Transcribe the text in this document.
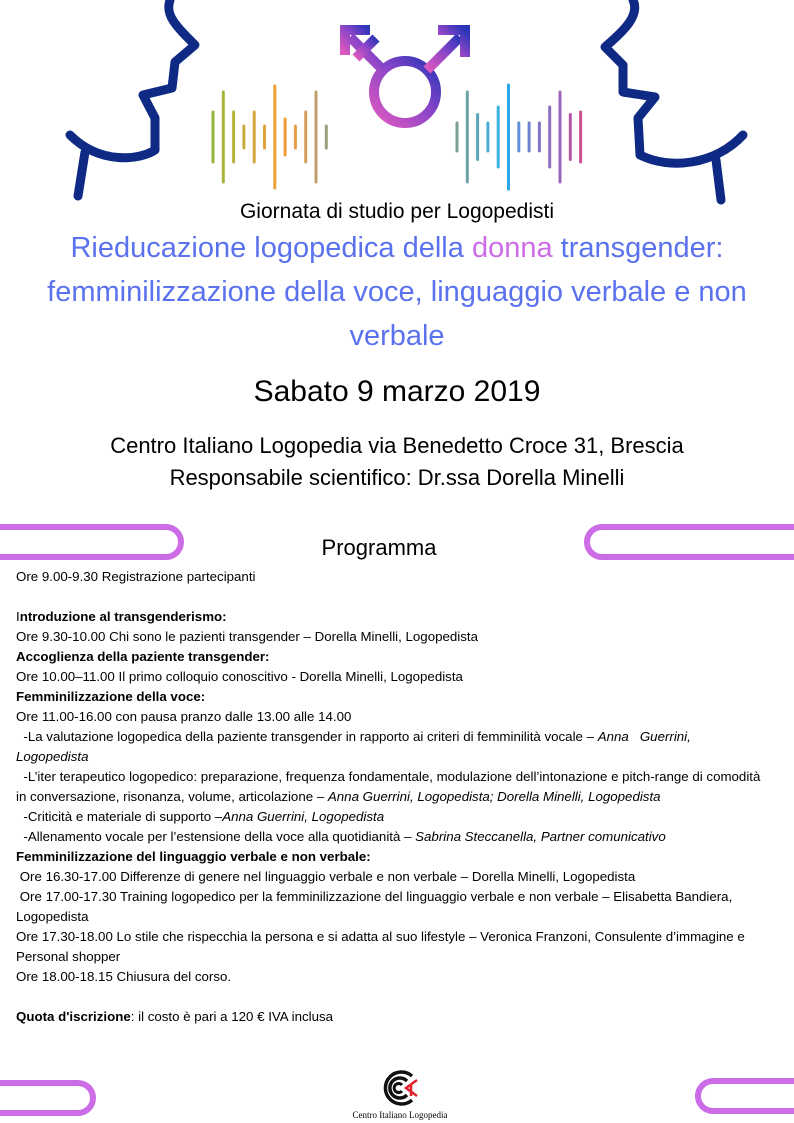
Giornata di studio per Logopedisti
Rieducazione logopedica della donna transgender: femminilizzazione della voce, linguaggio verbale e non verbale
Sabato 9 marzo 2019
Centro Italiano Logopedia via Benedetto Croce 31, Brescia
Responsabile scientifico: Dr.ssa Dorella Minelli
Programma
Ore 9.00-9.30 Registrazione partecipanti
Introduzione al transgenderismo:
Ore 9.30-10.00 Chi sono le pazienti transgender – Dorella Minelli, Logopedista
Accoglienza della paziente transgender:
Ore 10.00–11.00 Il primo colloquio conoscitivo - Dorella Minelli, Logopedista
Femminilizzazione della voce:
Ore 11.00-16.00 con pausa pranzo dalle 13.00 alle 14.00
-La valutazione logopedica della paziente transgender in rapporto ai criteri di femminilità vocale – Anna   Guerrini, Logopedista
-L’iter terapeutico logopedico: preparazione, frequenza fondamentale, modulazione dell’intonazione e pitch-range di comodità in conversazione, risonanza, volume, articolazione – Anna Guerrini, Logopedista; Dorella Minelli, Logopedista
-Criticità e materiale di supporto –Anna Guerrini, Logopedista
-Allenamento vocale per l’estensione della voce alla quotidianità – Sabrina Steccanella, Partner comunicativo
Femminilizzazione del linguaggio verbale e non verbale:
Ore 16.30-17.00 Differenze di genere nel linguaggio verbale e non verbale – Dorella Minelli, Logopedista
Ore 17.00-17.30 Training logopedico per la femminilizzazione del linguaggio verbale e non verbale – Elisabetta Bandiera, Logopedista
Ore 17.30-18.00 Lo stile che rispecchia la persona e si adatta al suo lifestyle – Veronica Franzoni, Consulente d’immagine e Personal shopper
Ore 18.00-18.15 Chiusura del corso.
Quota d'iscrizione: il costo è pari a 120 € IVA inclusa
Centro Italiano Logopedia
